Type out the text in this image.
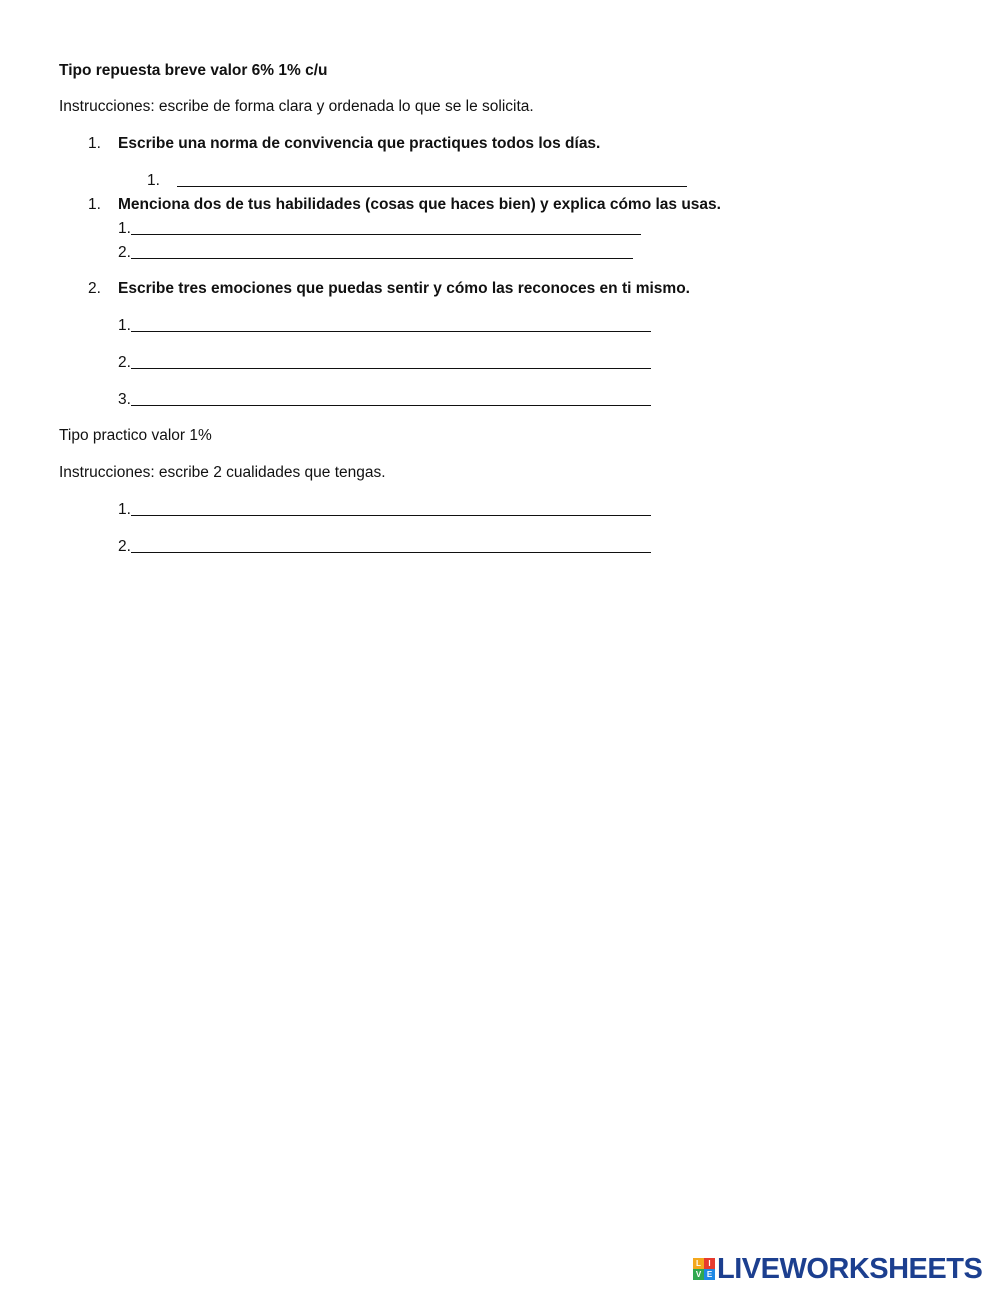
Tipo repuesta breve valor 6% 1% c/u
Instrucciones: escribe de forma clara y ordenada lo que se le solicita.
1. Escribe una norma de convivencia que practiques todos los días.
1.
1. Menciona dos de tus habilidades (cosas que haces bien) y explica cómo las usas.
1.
2.
2. Escribe tres emociones que puedas sentir y cómo las reconoces en ti mismo.
1.
2.
3.
Tipo practico valor 1%
Instrucciones: escribe 2 cualidades que tengas.
1.
2.
L I
V E LIVEWORKSHEETS
